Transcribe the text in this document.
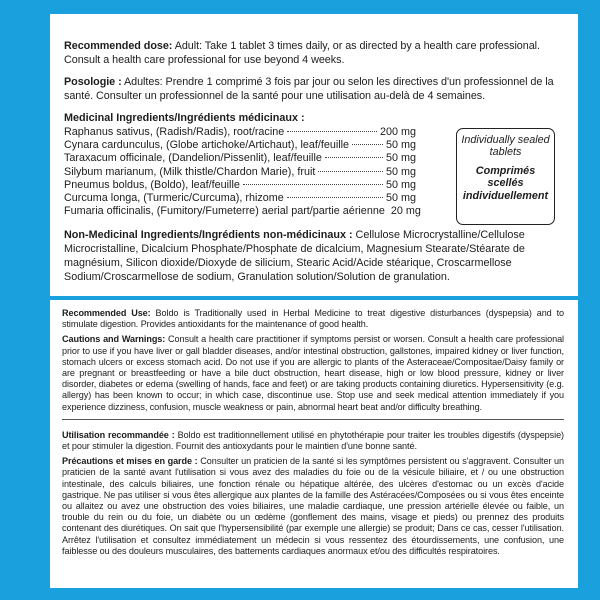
Recommended dose: Adult: Take 1 tablet 3 times daily, or as directed by a health care professional. Consult a health care professional for use beyond 4 weeks.

Posologie : Adultes: Prendre 1 comprimé 3 fois par jour ou selon les directives d'un professionnel de la santé. Consulter un professionnel de la santé pour une utilisation au-delà de 4 semaines.

Medicinal Ingredients/Ingrédients médicinaux :
Raphanus sativus, (Radish/Radis), root/racine	200 mg
Cynara cardunculus, (Globe artichoke/Artichaut), leaf/feuille	50 mg
Taraxacum officinale, (Dandelion/Pissenlit), leaf/feuille	50 mg
Silybum marianum, (Milk thistle/Chardon Marie), fruit	50 mg
Pneumus boldus, (Boldo), leaf/feuille	50 mg
Curcuma longa, (Turmeric/Curcuma), rhizome	50 mg
Fumaria officinalis, (Fumitory/Fumeterre) aerial part/partie aérienne 20 mg
Individually sealed tablets
Comprimés scellés individuellement

Non-Medicinal Ingredients/Ingrédients non-médicinaux : Cellulose Microcrystalline/Cellulose Microcristalline, Dicalcium Phosphate/Phosphate de dicalcium, Magnesium Stearate/Stéarate de magnésium, Silicon dioxide/Dioxyde de silicium, Stearic Acid/Acide stéarique, Croscarmellose Sodium/Croscarmellose de sodium, Granulation solution/Solution de granulation.

Recommended Use: Boldo is Traditionally used in Herbal Medicine to treat digestive disturbances (dyspepsia) and to stimulate digestion. Provides antioxidants for the maintenance of good health.

Cautions and Warnings: Consult a health care practitioner if symptoms persist or worsen. Consult a health care professional prior to use if you have liver or gall bladder diseases, and/or intestinal obstruction, gallstones, impaired kidney or liver function, stomach ulcers or excess stomach acid. Do not use if you are allergic to plants of the Asteraceae/Compositae/Daisy family or are pregnant or breastfeeding or have a bile duct obstruction, heart disease, high or low blood pressure, kidney or liver disorder, diabetes or edema (swelling of hands, face and feet) or are taking products containing diuretics. Hypersensitivity (e.g. allergy) has been known to occur; in which case, discontinue use. Stop use and seek medical attention immediately if you experience dizziness, confusion, muscle weakness or pain, abnormal heart beat and/or difficulty breathing.

Utilisation recommandée : Boldo est traditionnellement utilisé en phytothérapie pour traiter les troubles digestifs (dyspepsie) et pour stimuler la digestion. Fournit des antioxydants pour le maintien d'une bonne santé.

Précautions et mises en garde : Consulter un praticien de la santé si les symptômes persistent ou s'aggravent. Consulter un praticien de la santé avant l'utilisation si vous avez des maladies du foie ou de la vésicule biliaire, et / ou une obstruction intestinale, des calculs biliaires, une fonction rénale ou hépatique altérée, des ulcères d'estomac ou un excès d'acide gastrique. Ne pas utiliser si vous êtes allergique aux plantes de la famille des Astéracées/Composées ou si vous êtes enceinte ou allaitez ou avez une obstruction des voies biliaires, une maladie cardiaque, une pression artérielle élevée ou faible, un trouble du rein ou du foie, un diabète ou un œdème (gonflement des mains, visage et pieds) ou prennez des produits contenant des diurétiques. On sait que l'hypersensibilité (par exemple une allergie) se produit; Dans ce cas, cesser l'utilisation. Arrêtez l'utilisation et consultez immédiatement un médecin si vous ressentez des étourdissements, une confusion, une faiblesse ou des douleurs musculaires, des battements cardiaques anormaux et/ou des difficultés respiratoires.
